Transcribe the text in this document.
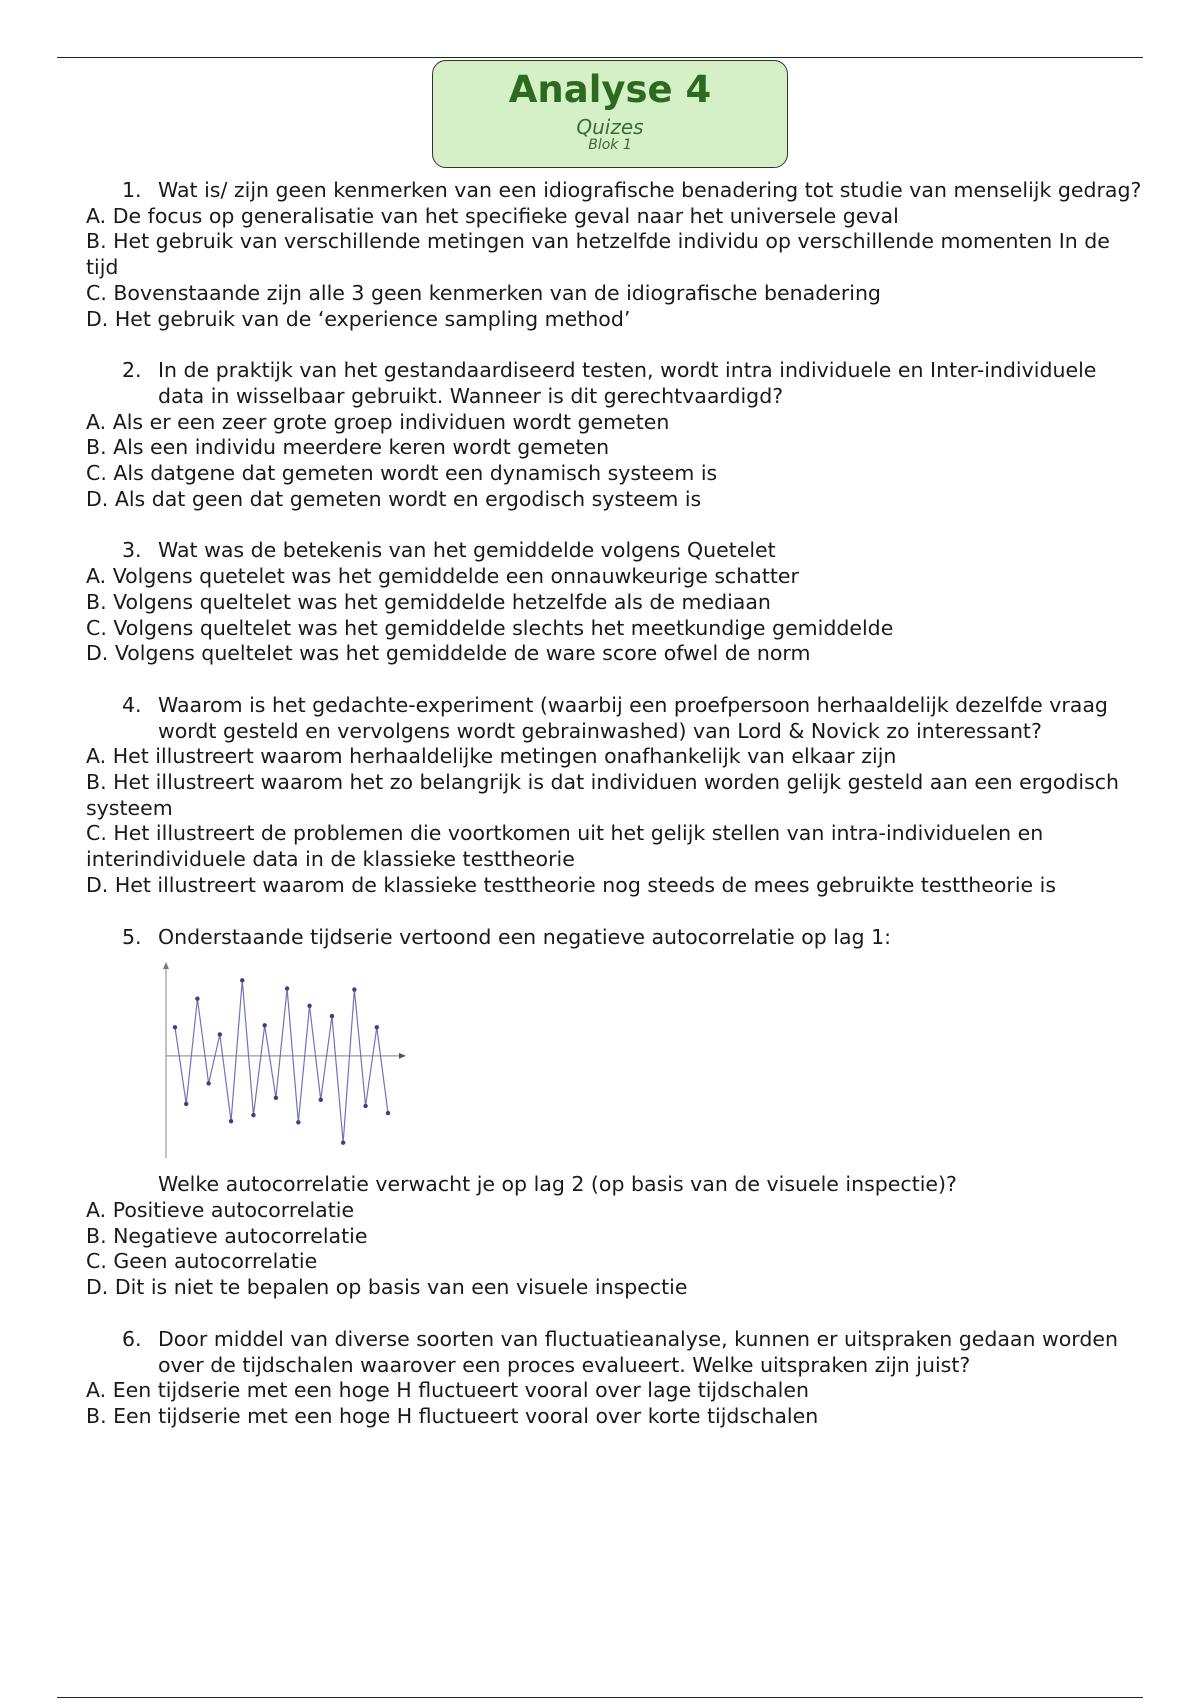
Analyse 4
Quizes
Blok 1
1. Wat is/ zijn geen kenmerken van een idiografische benadering tot studie van menselijk gedrag?
A. De focus op generalisatie van het specifieke geval naar het universele geval
B. Het gebruik van verschillende metingen van hetzelfde individu op verschillende momenten In de tijd
C. Bovenstaande zijn alle 3 geen kenmerken van de idiografische benadering
D. Het gebruik van de ‘experience sampling method’
2. In de praktijk van het gestandaardiseerd testen, wordt intra individuele en Inter-individuele data in wisselbaar gebruikt. Wanneer is dit gerechtvaardigd?
A. Als er een zeer grote groep individuen wordt gemeten
B. Als een individu meerdere keren wordt gemeten
C. Als datgene dat gemeten wordt een dynamisch systeem is
D. Als dat geen dat gemeten wordt en ergodisch systeem is
3. Wat was de betekenis van het gemiddelde volgens Quetelet
A. Volgens quetelet was het gemiddelde een onnauwkeurige schatter
B. Volgens queltelet was het gemiddelde hetzelfde als de mediaan
C. Volgens queltelet was het gemiddelde slechts het meetkundige gemiddelde
D. Volgens queltelet was het gemiddelde de ware score ofwel de norm
4. Waarom is het gedachte-experiment (waarbij een proefpersoon herhaaldelijk dezelfde vraag wordt gesteld en vervolgens wordt gebrainwashed) van Lord & Novick zo interessant?
A. Het illustreert waarom herhaaldelijke metingen onafhankelijk van elkaar zijn
B. Het illustreert waarom het zo belangrijk is dat individuen worden gelijk gesteld aan een ergodisch systeem
C. Het illustreert de problemen die voortkomen uit het gelijk stellen van intra-individuelen en interindividuele data in de klassieke testtheorie
D. Het illustreert waarom de klassieke testtheorie nog steeds de mees gebruikte testtheorie is
5. Onderstaande tijdserie vertoond een negatieve autocorrelatie op lag 1:
Welke autocorrelatie verwacht je op lag 2 (op basis van de visuele inspectie)?
A. Positieve autocorrelatie
B. Negatieve autocorrelatie
C. Geen autocorrelatie
D. Dit is niet te bepalen op basis van een visuele inspectie
6. Door middel van diverse soorten van fluctuatieanalyse, kunnen er uitspraken gedaan worden over de tijdschalen waarover een proces evalueert. Welke uitspraken zijn juist?
A. Een tijdserie met een hoge H fluctueert vooral over lage tijdschalen
B. Een tijdserie met een hoge H fluctueert vooral over korte tijdschalen
